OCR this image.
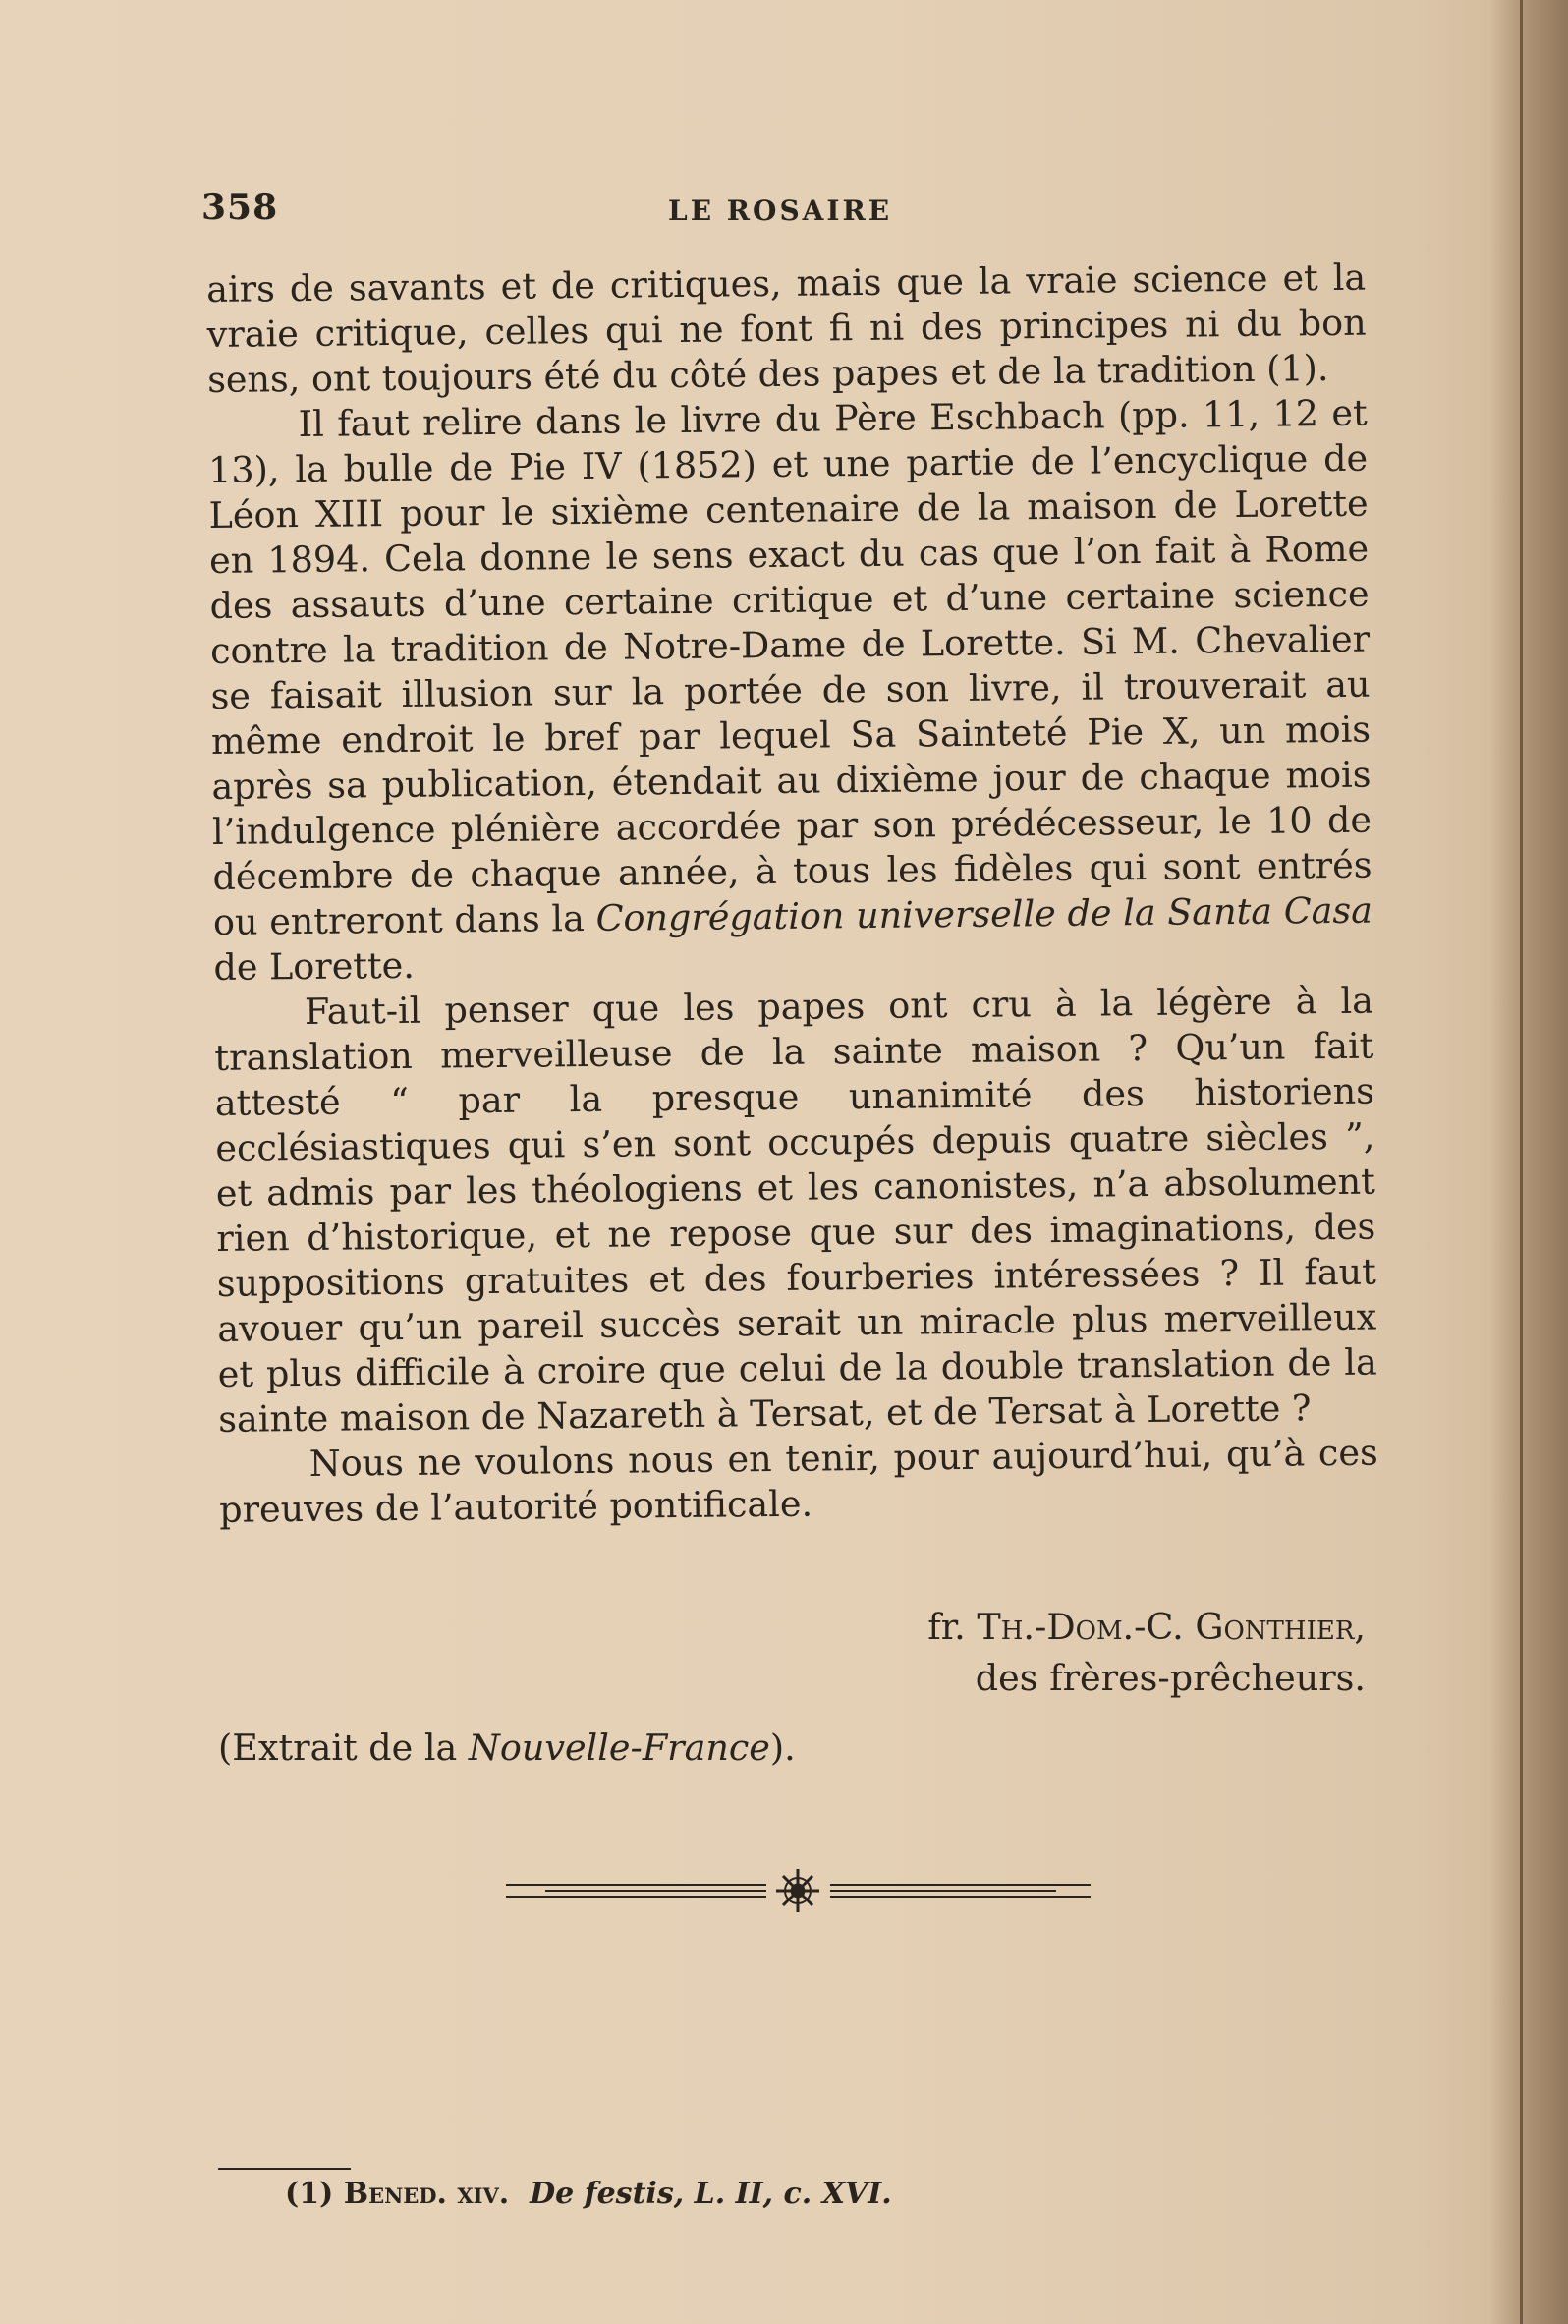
358	LE ROSAIRE

airs de savants et de critiques, mais que la vraie science et la vraie critique, celles qui ne font fi ni des principes ni du bon sens, ont toujours été du côté des papes et de la tradition (1).

Il faut relire dans le livre du Père Eschbach (pp. 11, 12 et 13), la bulle de Pie IV (1852) et une partie de l’encyclique de Léon XIII pour le sixième centenaire de la maison de Lorette en 1894. Cela donne le sens exact du cas que l’on fait à Rome des assauts d’une certaine critique et d’une certaine science contre la tradition de Notre-Dame de Lorette. Si M. Chevalier se faisait illusion sur la portée de son livre, il trouverait au même endroit le bref par lequel Sa Sainteté Pie X, un mois après sa publication, étendait au dixième jour de chaque mois l’indulgence plénière accordée par son prédécesseur, le 10 de décembre de chaque année, à tous les fidèles qui sont entrés ou entreront dans la Congrégation universelle de la Santa Casa de Lorette.

Faut-il penser que les papes ont cru à la légère à la translation merveilleuse de la sainte maison ? Qu’un fait attesté “ par la presque unanimité des historiens ecclésiastiques qui s’en sont occupés depuis quatre siècles ”, et admis par les théologiens et les canonistes, n’a absolument rien d’historique, et ne repose que sur des imaginations, des suppositions gratuites et des fourberies intéressées ? Il faut avouer qu’un pareil succès serait un miracle plus merveilleux et plus difficile à croire que celui de la double translation de la sainte maison de Nazareth à Tersat, et de Tersat à Lorette ?

Nous ne voulons nous en tenir, pour aujourd’hui, qu’à ces preuves de l’autorité pontificale.

fr. Th.-Dom.-C. Gonthier,
des frères-prêcheurs.
(Extrait de la Nouvelle-France).
(1) Bened. xiv. De festis, L. II, c. XVI.
